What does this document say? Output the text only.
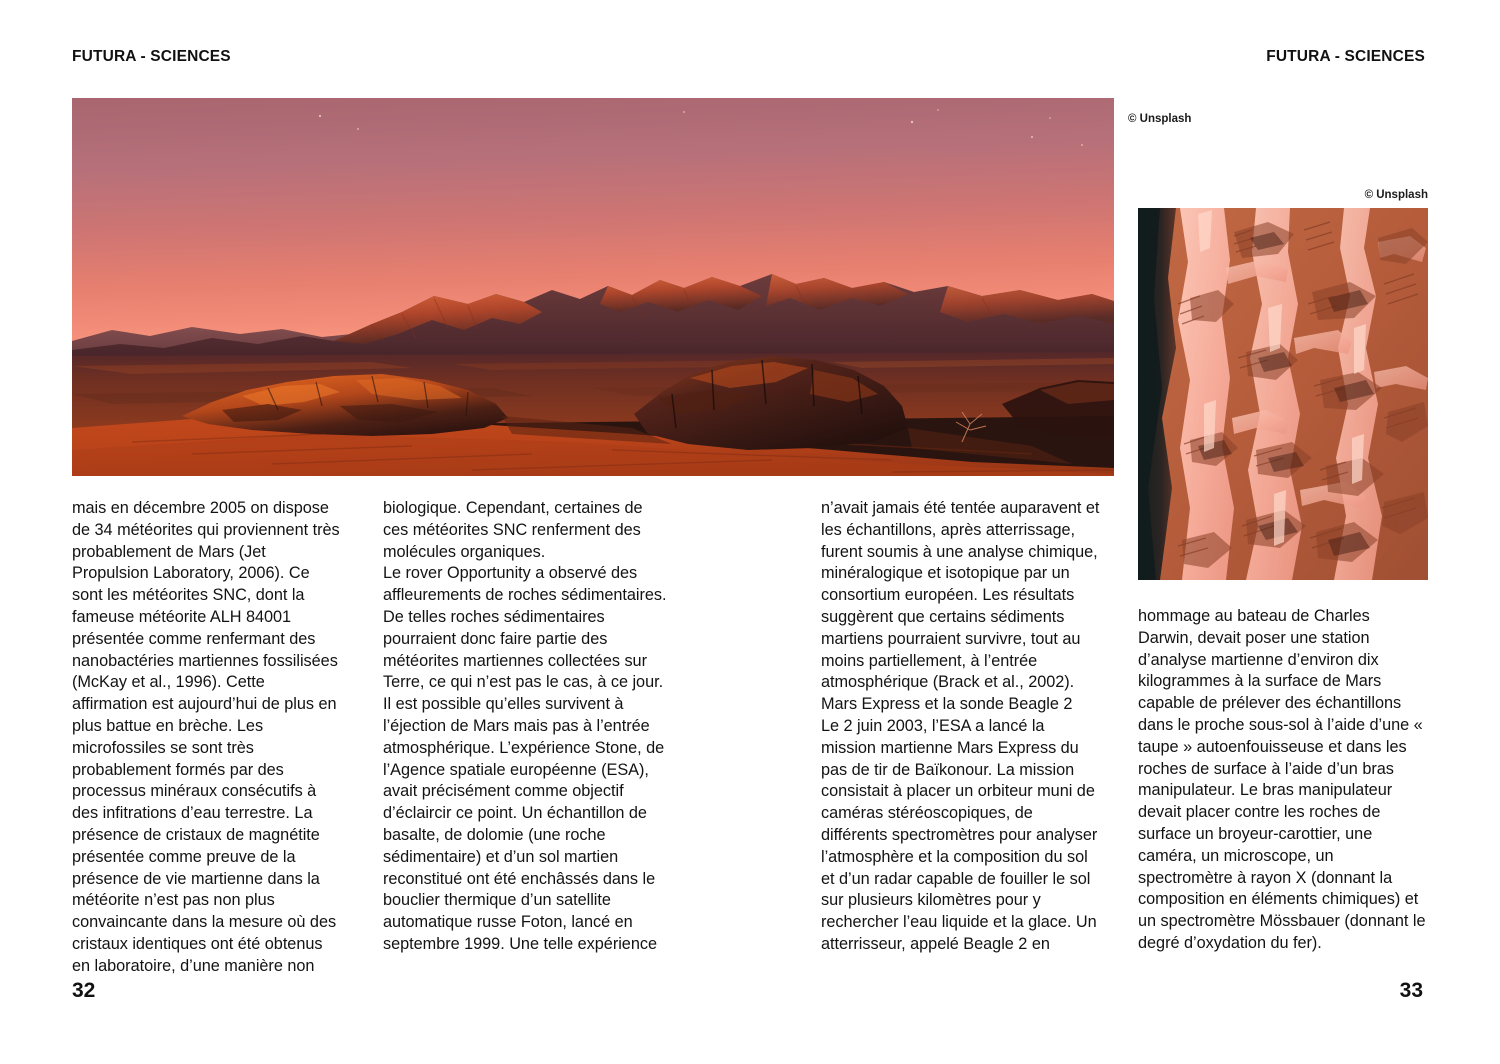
FUTURA - SCIENCES	FUTURA - SCIENCES
© Unsplash
© Unsplash

mais en décembre 2005 on dispose de 34 météorites qui proviennent très probablement de Mars (Jet Propulsion Laboratory, 2006). Ce sont les météorites SNC, dont la fameuse météorite ALH 84001 présentée comme renfermant des nanobactéries martiennes fossilisées (McKay et al., 1996). Cette affirmation est aujourd’hui de plus en plus battue en brèche. Les microfossiles se sont très probablement formés par des processus minéraux consécutifs à des infitrations d’eau terrestre. La présence de cristaux de magnétite présentée comme preuve de la présence de vie martienne dans la météorite n’est pas non plus convaincante dans la mesure où des cristaux identiques ont été obtenus en laboratoire, d’une manière non

biologique. Cependant, certaines de ces météorites SNC renferment des molécules organiques.

Le rover Opportunity a observé des affleurements de roches sédimentaires. De telles roches sédimentaires pourraient donc faire partie des météorites martiennes collectées sur Terre, ce qui n’est pas le cas, à ce jour. Il est possible qu’elles survivent à l’éjection de Mars mais pas à l’entrée atmosphérique. L’expérience Stone, de l’Agence spatiale européenne (ESA), avait précisément comme objectif d’éclaircir ce point. Un échantillon de basalte, de dolomie (une roche sédimentaire) et d’un sol martien reconstitué ont été enchâssés dans le bouclier thermique d’un satellite automatique russe Foton, lancé en septembre 1999. Une telle expérience

n’avait jamais été tentée auparavent et les échantillons, après atterrissage, furent soumis à une analyse chimique, minéralogique et isotopique par un consortium européen. Les résultats suggèrent que certains sédiments martiens pourraient survivre, tout au moins partiellement, à l’entrée atmosphérique (Brack et al., 2002).

Mars Express et la sonde Beagle 2

Le 2 juin 2003, l’ESA a lancé la mission martienne Mars Express du pas de tir de Baïkonour. La mission consistait à placer un orbiteur muni de caméras stéréoscopiques, de différents spectromètres pour analyser l’atmosphère et la composition du sol et d’un radar capable de fouiller le sol sur plusieurs kilomètres pour y rechercher l’eau liquide et la glace. Un atterrisseur, appelé Beagle 2 en

hommage au bateau de Charles Darwin, devait poser une station d’analyse martienne d’environ dix kilogrammes à la surface de Mars capable de prélever des échantillons dans le proche sous-sol à l’aide d’une « taupe » autoenfouisseuse et dans les roches de surface à l’aide d’un bras manipulateur. Le bras manipulateur devait placer contre les roches de surface un broyeur-carottier, une caméra, un microscope, un spectromètre à rayon X (donnant la composition en éléments chimiques) et un spectromètre Mössbauer (donnant le degré d’oxydation du fer).

32	33
